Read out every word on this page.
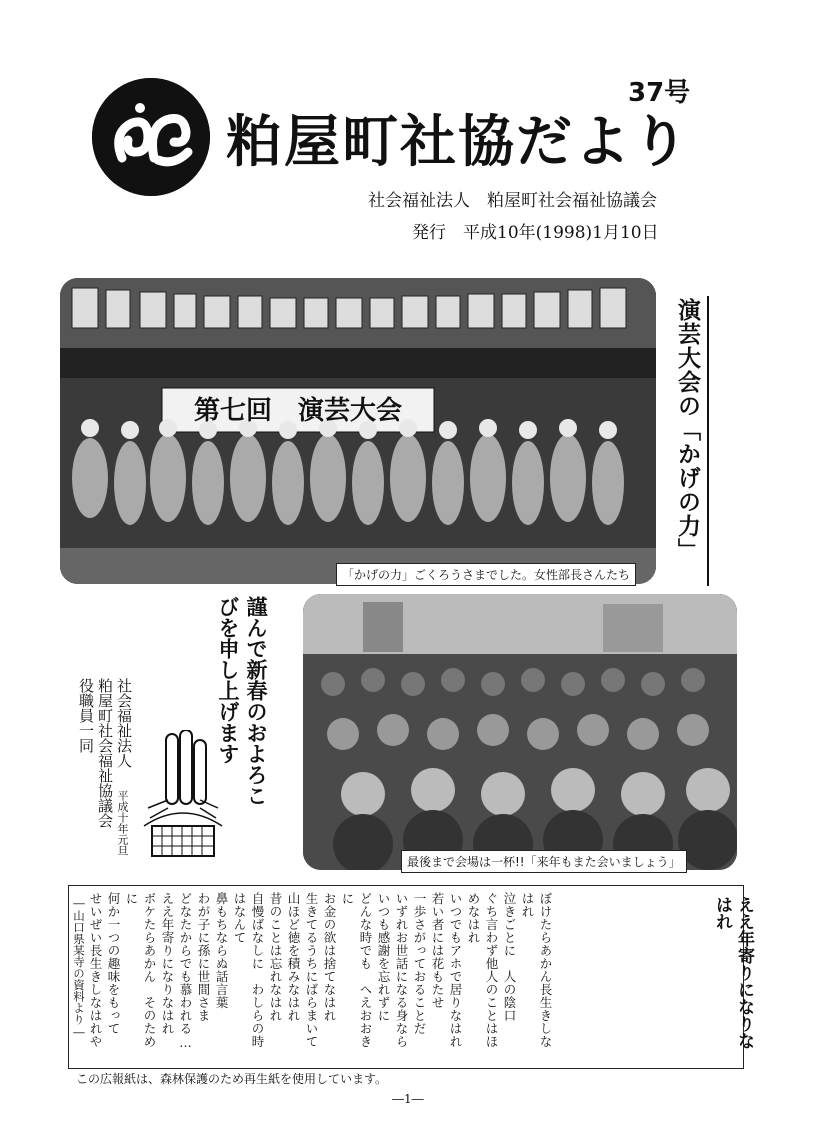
37号
粕屋町社協だより
社会福祉法人　粕屋町社会福祉協議会
発行　平成10年(1998)1月10日
第七回　演芸大会
「かげの力」ごくろうさまでした。女性部長さんたち
演芸大会の「かげの力」
最後まで会場は一杯!!「来年もまた会いましょう」
謹んで新春のおよろこびを申し上げます
社会福祉法人
粕屋町社会福祉協議会
役職員一同
平成十年元旦
ぼけたらあかん長生きしなはれ
泣きごとに　人の陰口
ぐち言わず他人のことはほめなはれ
いつでもアホで居りなはれ
若い者には花もたせ
一歩さがっておることだ
いずれお世話になる身なら
いつも感謝を忘れずに
どんな時でも　へえおおきに
お金の欲は捨てなはれ
生きてるうちにばらまいて
山ほど徳を積みなはれ
昔のことは忘れなはれ
自慢ばなしに　わしらの時
はなんて
鼻もちならぬ話言葉
わが子に孫に世間さま
どなたからでも慕われる…
ええ年寄りになりなはれ
ボケたらあかん　そのために
何か一つの趣味をもって
せいぜい長生きしなはれや	ええ年寄りになりなはれ
―山口県某寺の資料より―
この広報紙は、森林保護のため再生紙を使用しています。
―1―
